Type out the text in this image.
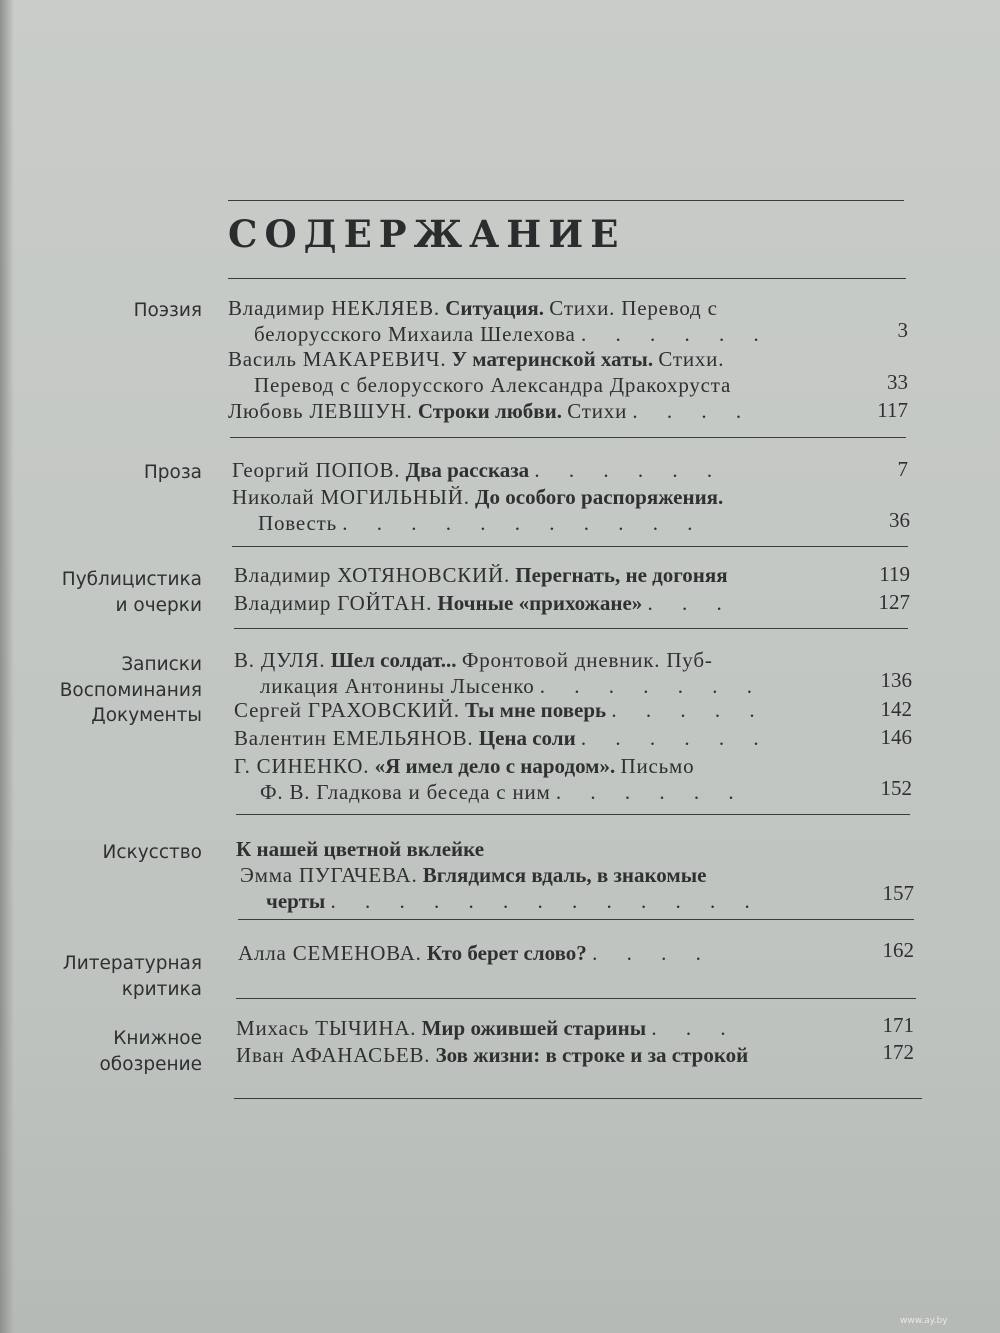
СОДЕРЖАНИЕ
Поэзия Владимир НЕКЛЯЕВ. Ситуация. Стихи. Перевод с
белорусского Михаила Шелехова . . . . . .	3
Василь МАКАРЕВИЧ. У материнской хаты. Стихи.
Перевод с белорусского Александра Дракохруста	33
Любовь ЛЕВШУН. Строки любви. Стихи . . . .	117
Проза Георгий ПОПОВ. Два рассказа . . . . . .	7
Николай МОГИЛЬНЫЙ. До особого распоряжения.
Повесть . . . . . . . . . . .	36
Публицистика
и очерки
Владимир ХОТЯНОВСКИЙ. Перегнать, не догоняя	119
Владимир ГОЙТАН. Ночные «прихожане» . . .	127
Записки
Воспоминания
Документы
В. ДУЛЯ. Шел солдат... Фронтовой дневник. Пуб-
ликация Антонины Лысенко . . . . . . .	136
Сергей ГРАХОВСКИЙ. Ты мне поверь . . . . .	142
Валентин ЕМЕЛЬЯНОВ. Цена соли . . . . . .	146
Г. СИНЕНКО. «Я имел дело с народом». Письмо
Ф. В. Гладкова и беседа с ним . . . . . .	152
Искусство К нашей цветной вклейке
Эмма ПУГАЧЕВА. Вглядимся вдаль, в знакомые
черты . . . . . . . . . . . . .	157
Литературная
критика
Алла СЕМЕНОВА. Кто берет слово? . . . .	162
Книжное
обозрение
Михась ТЫЧИНА. Мир ожившей старины . . .	171
Иван АФАНАСЬЕВ. Зов жизни: в строке и за строкой	172
www.ay.by
